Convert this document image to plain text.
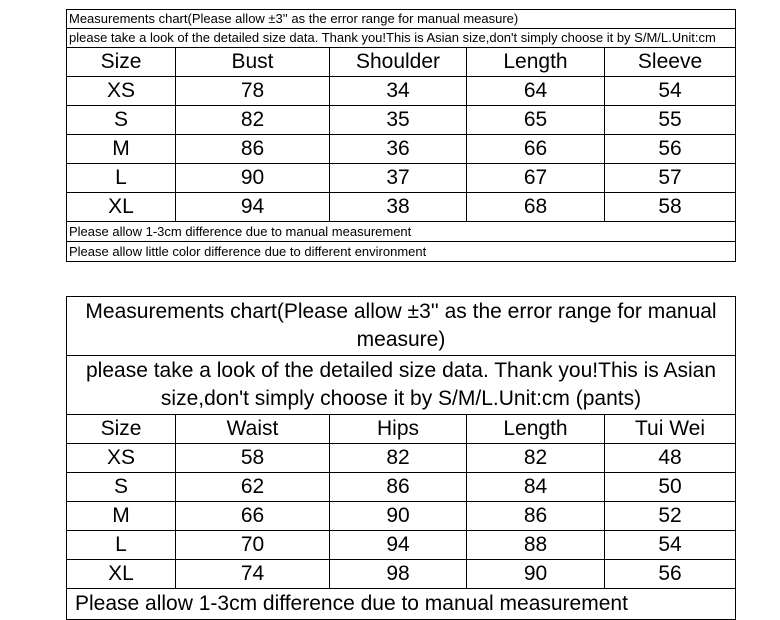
Measurements chart(Please allow ±3'' as the error range for manual measure)				
please take a look of the detailed size data. Thank you!This is Asian size,don't simply choose it by S/M/L.Unit:cm				
Size	Bust	Shoulder	Length	Sleeve
XS	78	34	64	54
S	82	35	65	55
M	86	36	66	56
L	90	37	67	57
XL	94	38	68	58
Please allow 1-3cm difference due to manual measurement				
Please allow little color difference due to different environment				
Measurements chart(Please allow ±3'' as the error range for manual measure)				
please take a look of the detailed size data. Thank you!This is Asian size,don't simply choose it by S/M/L.Unit:cm (pants)				
Size	Waist	Hips	Length	Tui Wei
XS	58	82	82	48
S	62	86	84	50
M	66	90	86	52
L	70	94	88	54
XL	74	98	90	56
Please allow 1-3cm difference due to manual measurement				
